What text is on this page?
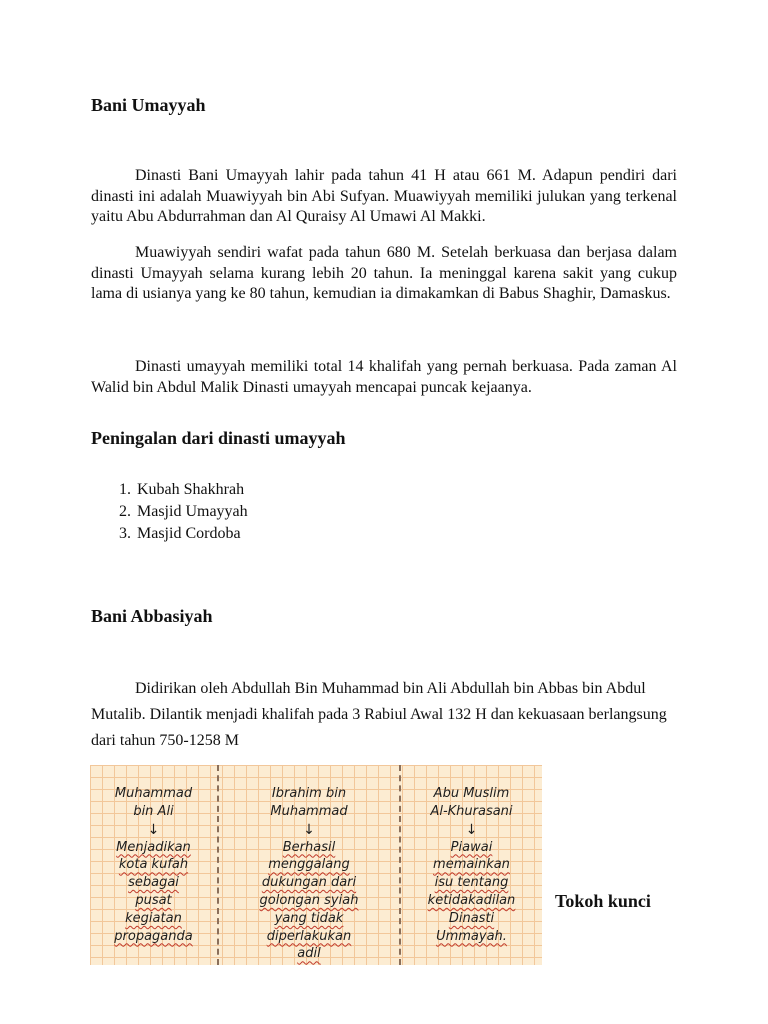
Bani Umayyah

Dinasti Bani Umayyah lahir pada tahun 41 H atau 661 M. Adapun pendiri dari dinasti ini adalah Muawiyyah bin Abi Sufyan. Muawiyyah memiliki julukan yang terkenal yaitu Abu Abdurrahman dan Al Quraisy Al Umawi Al Makki.

Muawiyyah sendiri wafat pada tahun 680 M. Setelah berkuasa dan berjasa dalam dinasti Umayyah selama kurang lebih 20 tahun. Ia meninggal karena sakit yang cukup lama di usianya yang ke 80 tahun, kemudian ia dimakamkan di Babus Shaghir, Damaskus.

Dinasti umayyah memiliki total 14 khalifah yang pernah berkuasa. Pada zaman Al Walid bin Abdul Malik Dinasti umayyah mencapai puncak kejaanya.

Peningalan dari dinasti umayyah
1. Kubah Shakhrah
2. Masjid Umayyah
3. Masjid Cordoba
Bani Abbasiyah

Didirikan oleh Abdullah Bin Muhammad bin Ali Abdullah bin Abbas bin Abdul Mutalib. Dilantik menjadi khalifah pada 3 Rabiul Awal 132 H dan kekuasaan berlangsung dari tahun 750-1258 M

Muhammad
bin Ali
↓
Menjadikan
kota kufah
sebagai
pusat
kegiatan
propaganda
Ibrahim bin
Muhammad
↓
Berhasil
menggalang
dukungan dari
golongan syiah
yang tidak
diperlakukan
adil
Abu Muslim
Al-Khurasani
↓
Piawai
memainkan
isu tentang
ketidakadilan
Dinasti
Ummayah.

Tokoh kunci
